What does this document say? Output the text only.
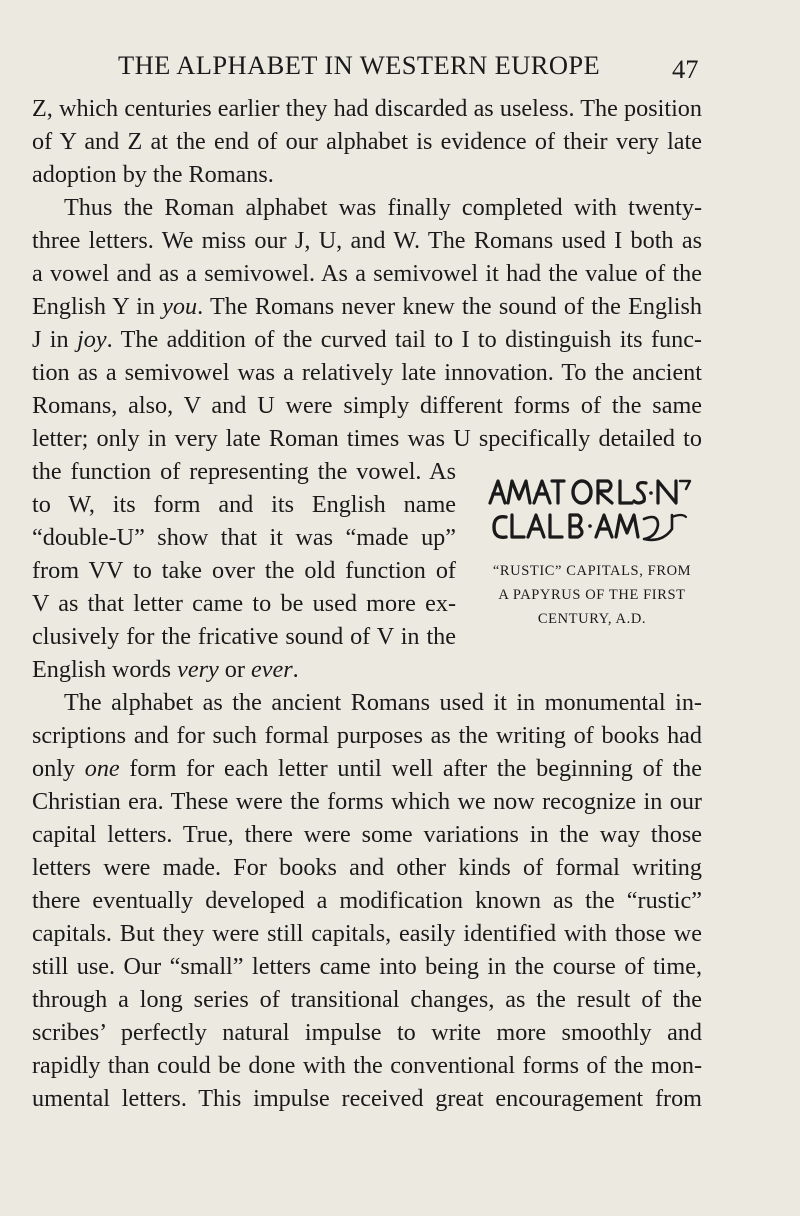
THE ALPHABET IN WESTERN EUROPE	47
Z, which centuries earlier they had discarded as useless. The position
of Y and Z at the end of our alphabet is evidence of their very late
adoption by the Romans.
Thus the Roman alphabet was finally completed with twenty-
three letters. We miss our J, U, and W. The Romans used I both as
a vowel and as a semivowel. As a semivowel it had the value of the
English Y in you. The Romans never knew the sound of the English
J in joy. The addition of the curved tail to I to distinguish its func-
tion as a semivowel was a relatively late innovation. To the ancient
Romans, also, V and U were simply different forms of the same
letter; only in very late Roman times was U specifically detailed to
the function of representing the vowel. As
to W, its form and its English name
“double-U” show that it was “made up”
from VV to take over the old function of
V as that letter came to be used more ex-
clusively for the fricative sound of V in the
English words very or ever.
The alphabet as the ancient Romans used it in monumental in-
scriptions and for such formal purposes as the writing of books had
only one form for each letter until well after the beginning of the
Christian era. These were the forms which we now recognize in our
capital letters. True, there were some variations in the way those
letters were made. For books and other kinds of formal writing
there eventually developed a modification known as the “rustic”
capitals. But they were still capitals, easily identified with those we
still use. Our “small” letters came into being in the course of time,
through a long series of transitional changes, as the result of the
scribes’ perfectly natural impulse to write more smoothly and
rapidly than could be done with the conventional forms of the mon-
umental letters. This impulse received great encouragement from
“RUSTIC” CAPITALS, FROM
A PAPYRUS OF THE FIRST
CENTURY, A.D.
